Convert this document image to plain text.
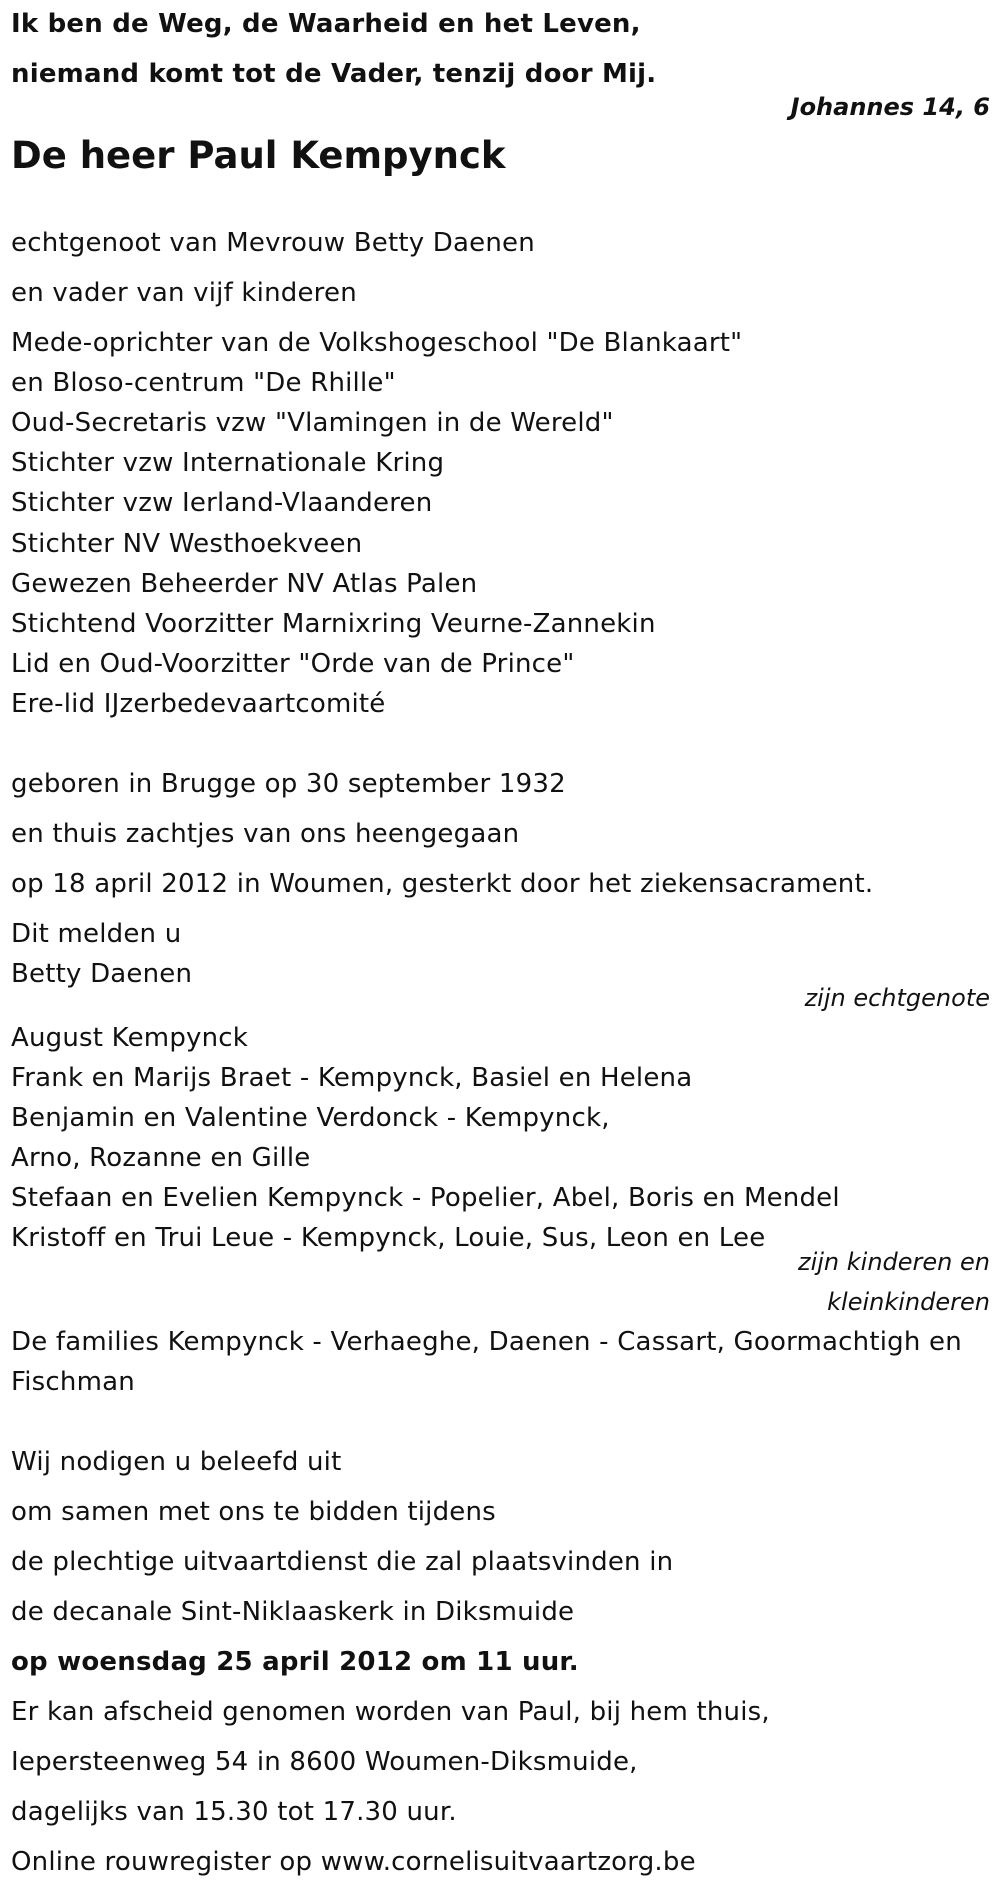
Ik ben de Weg, de Waarheid en het Leven,
niemand komt tot de Vader, tenzij door Mij.
Johannes 14, 6
De heer Paul Kempynck
echtgenoot van Mevrouw Betty Daenen
en vader van vijf kinderen
Mede-oprichter van de Volkshogeschool "De Blankaart"
en Bloso-centrum "De Rhille"
Oud-Secretaris vzw "Vlamingen in de Wereld"
Stichter vzw Internationale Kring
Stichter vzw Ierland-Vlaanderen
Stichter NV Westhoekveen
Gewezen Beheerder NV Atlas Palen
Stichtend Voorzitter Marnixring Veurne-Zannekin
Lid en Oud-Voorzitter "Orde van de Prince"
Ere-lid IJzerbedevaartcomité
geboren in Brugge op 30 september 1932
en thuis zachtjes van ons heengegaan
op 18 april 2012 in Woumen, gesterkt door het ziekensacrament.
Dit melden u
Betty Daenen
zijn echtgenote
August Kempynck
Frank en Marijs Braet - Kempynck, Basiel en Helena
Benjamin en Valentine Verdonck - Kempynck,
Arno, Rozanne en Gille
Stefaan en Evelien Kempynck - Popelier, Abel, Boris en Mendel
Kristoff en Trui Leue - Kempynck, Louie, Sus, Leon en Lee
zijn kinderen en
kleinkinderen
De families Kempynck - Verhaeghe, Daenen - Cassart, Goormachtigh en
Fischman
Wij nodigen u beleefd uit
om samen met ons te bidden tijdens
de plechtige uitvaartdienst die zal plaatsvinden in
de decanale Sint-Niklaaskerk in Diksmuide
op woensdag 25 april 2012 om 11 uur.
Er kan afscheid genomen worden van Paul, bij hem thuis,
Iepersteenweg 54 in 8600 Woumen-Diksmuide,
dagelijks van 15.30 tot 17.30 uur.
Online rouwregister op www.cornelisuitvaartzorg.be
